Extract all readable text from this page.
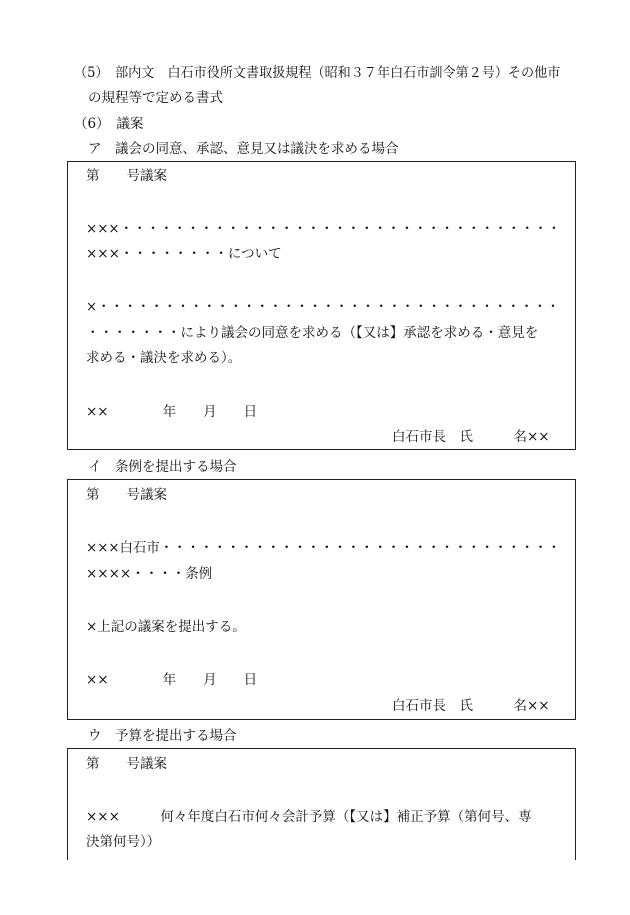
（5）　部内文　白石市役所文書取扱規程（昭和３７年白石市訓令第２号）その他市
の規程等で定める書式
（6）　議案
ア　議会の同意、承認、意見又は議決を求める場合
第　　号議案
×××・・・・・・・・・・・・・・・・・・・・・・・・・・・・・・・・・
×××・・・・・・・・について
×・・・・・・・・・・・・・・・・・・・・・・・・・・・・・・・・・・・
・・・・・・・により議会の同意を求める（【又は】承認を求める・意見を
求める・議決を求める）。
××　　　　年　　月　　日
白石市長　氏　　　名××
イ　条例を提出する場合
第　　号議案
×××白石市・・・・・・・・・・・・・・・・・・・・・・・・・・・・・・
××××・・・・条例
×上記の議案を提出する。
××　　　　年　　月　　日
白石市長　氏　　　名××
ウ　予算を提出する場合
第　　号議案
×××　　　何々年度白石市何々会計予算（【又は】補正予算（第何号、専
決第何号））
